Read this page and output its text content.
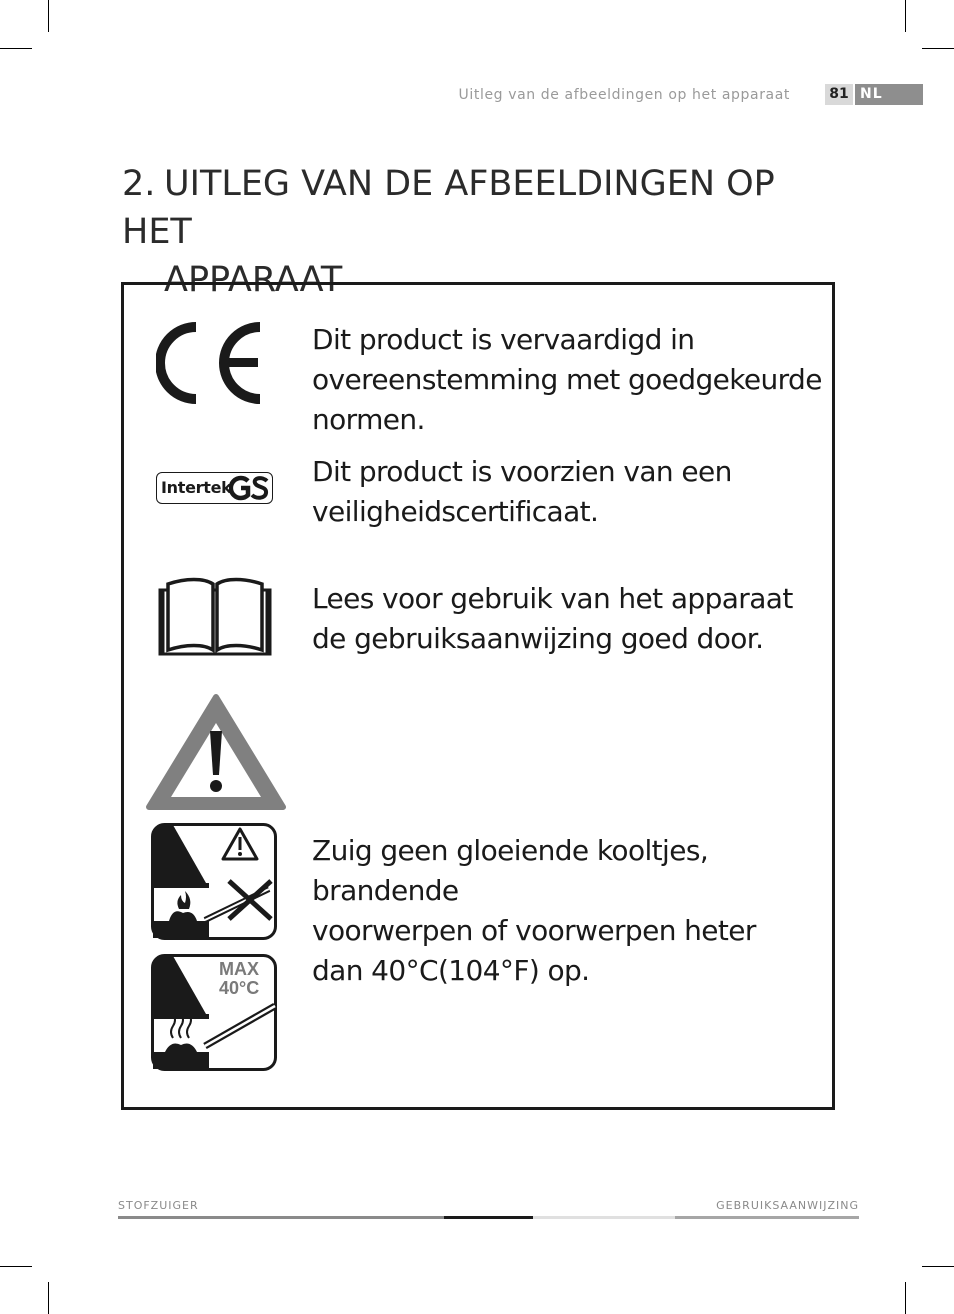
Uitleg van de afbeeldingen op het apparaat	81 NL
2. UITLEG VAN DE AFBEELDINGEN OP HET
APPARAAT
Dit product is vervaardigd in
overeenstemming met goedgekeurde
normen.
Intertek	Dit product is voorzien van een
veiligheidscertificaat.
Lees voor gebruik van het apparaat
de gebruiksaanwijzing goed door.
Zuig geen gloeiende kooltjes, brandende
voorwerpen of voorwerpen heter
dan 40°C(104°F) op.
MAX
40°C
STOFZUIGER	GEBRUIKSAANWIJZING
